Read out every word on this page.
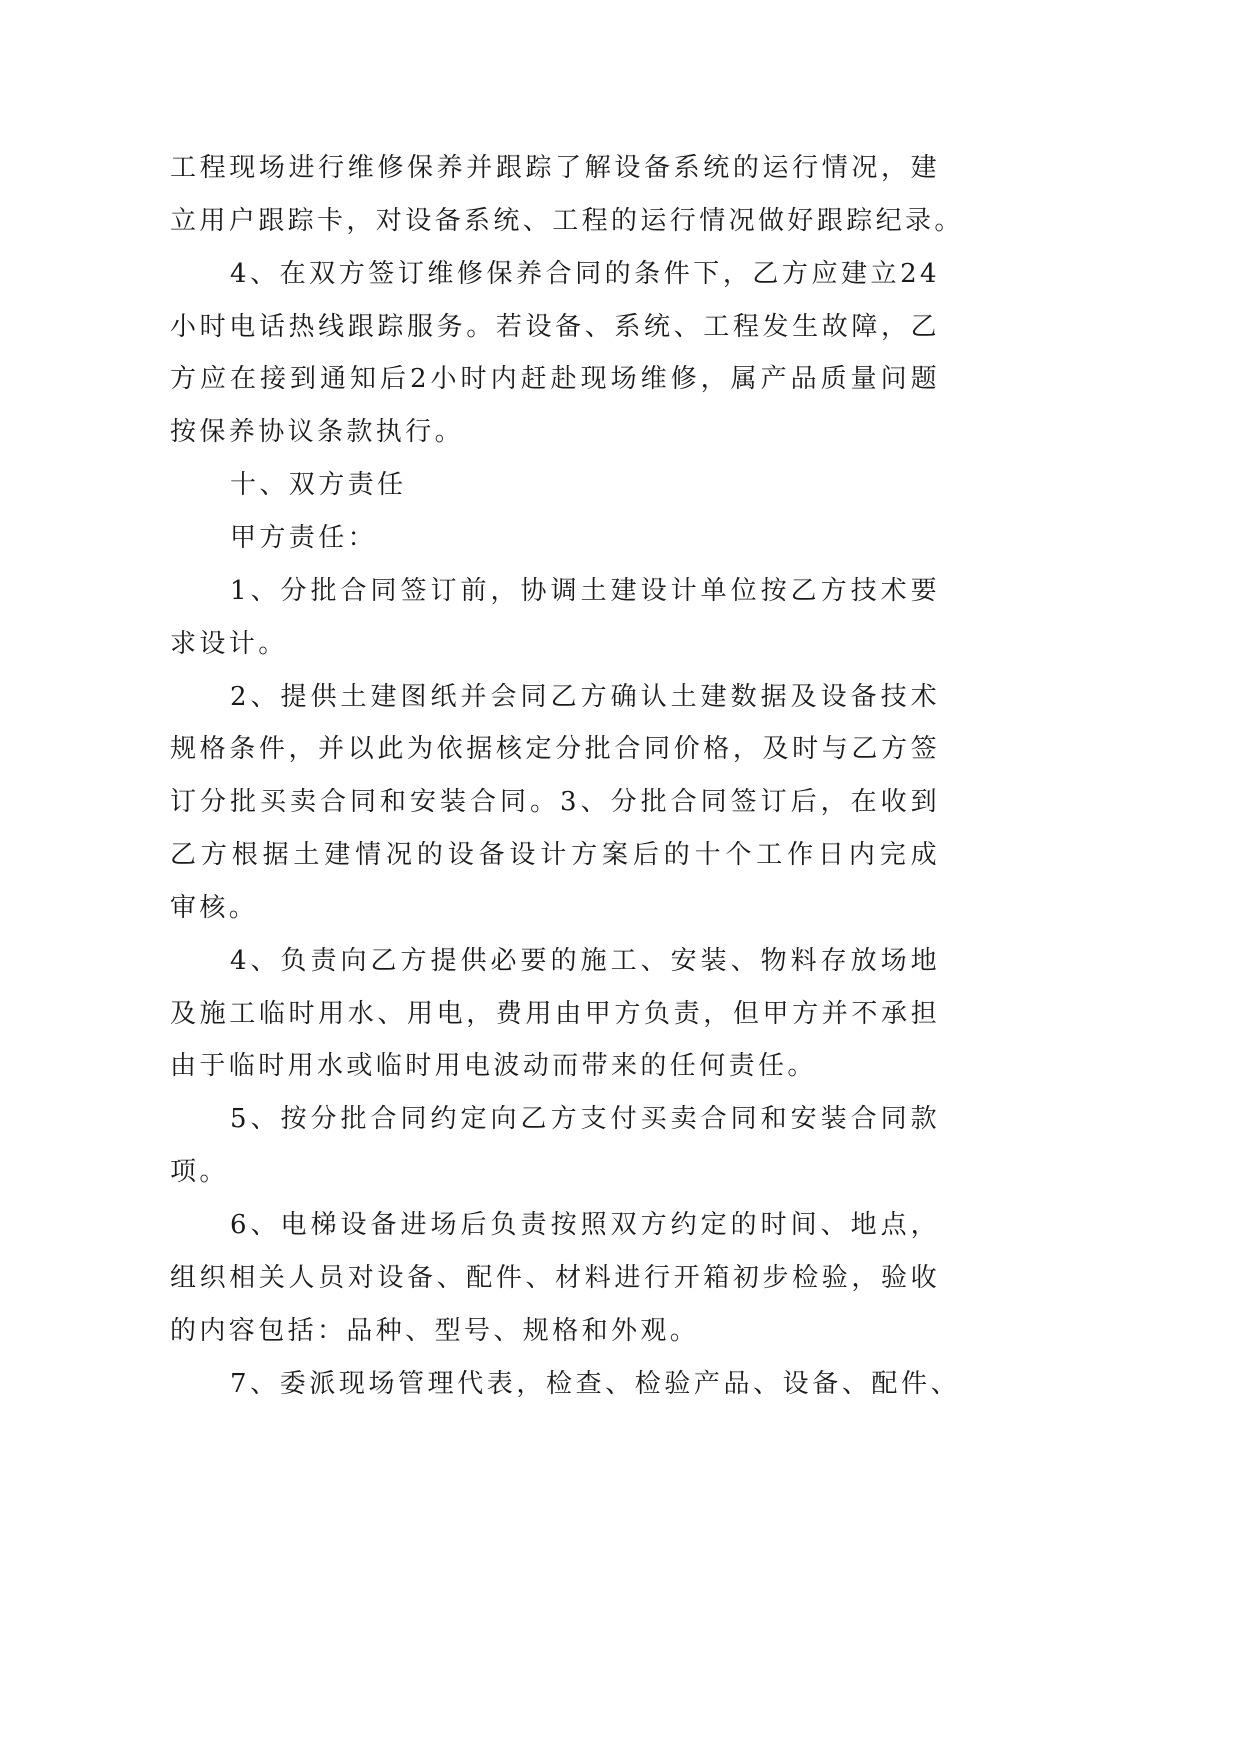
工程现场进行维修保养并跟踪了解设备系统的运行情况，建
立用户跟踪卡，对设备系统、工程的运行情况做好跟踪纪录。
4、在双方签订维修保养合同的条件下，乙方应建立24
小时电话热线跟踪服务。若设备、系统、工程发生故障，乙
方应在接到通知后2小时内赶赴现场维修，属产品质量问题
按保养协议条款执行。
十、双方责任
甲方责任：
1、分批合同签订前，协调土建设计单位按乙方技术要
求设计。
2、提供土建图纸并会同乙方确认土建数据及设备技术
规格条件，并以此为依据核定分批合同价格，及时与乙方签
订分批买卖合同和安装合同。3、分批合同签订后，在收到
乙方根据土建情况的设备设计方案后的十个工作日内完成
审核。
4、负责向乙方提供必要的施工、安装、物料存放场地
及施工临时用水、用电，费用由甲方负责，但甲方并不承担
由于临时用水或临时用电波动而带来的任何责任。
5、按分批合同约定向乙方支付买卖合同和安装合同款
项。
6、电梯设备进场后负责按照双方约定的时间、地点，
组织相关人员对设备、配件、材料进行开箱初步检验，验收
的内容包括：品种、型号、规格和外观。
7、委派现场管理代表，检查、检验产品、设备、配件、
